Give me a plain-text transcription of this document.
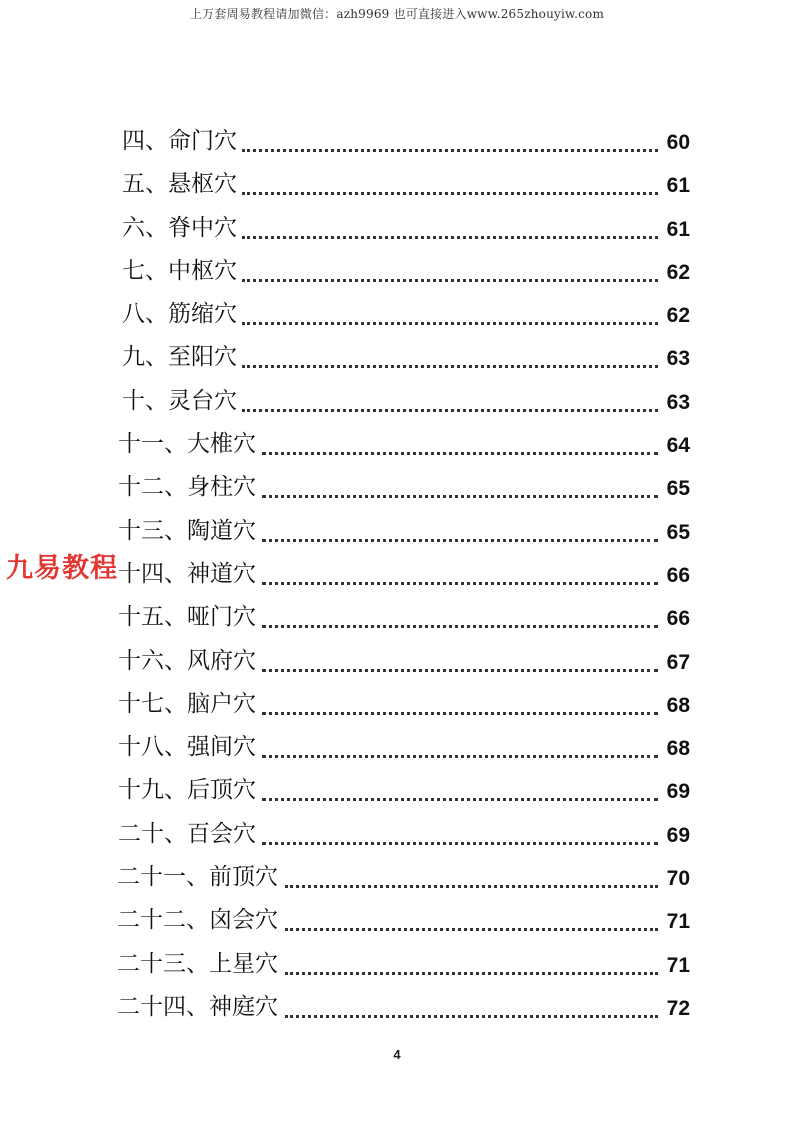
上万套周易教程请加微信：azh9969 也可直接进入www.265zhouyiw.com
四、命门穴	60
五、悬枢穴	61
六、脊中穴	61
七、中枢穴	62
八、筋缩穴	62
九、至阳穴	63
十、灵台穴	63
十一、大椎穴	64
十二、身柱穴	65
十三、陶道穴	65
十四、神道穴	66
十五、哑门穴	66
十六、风府穴	67
十七、脑户穴	68
十八、强间穴	68
十九、后顶穴	69
二十、百会穴	69
二十一、前顶穴	70
二十二、囟会穴	71
二十三、上星穴	71
二十四、神庭穴	72
九易教程
4
